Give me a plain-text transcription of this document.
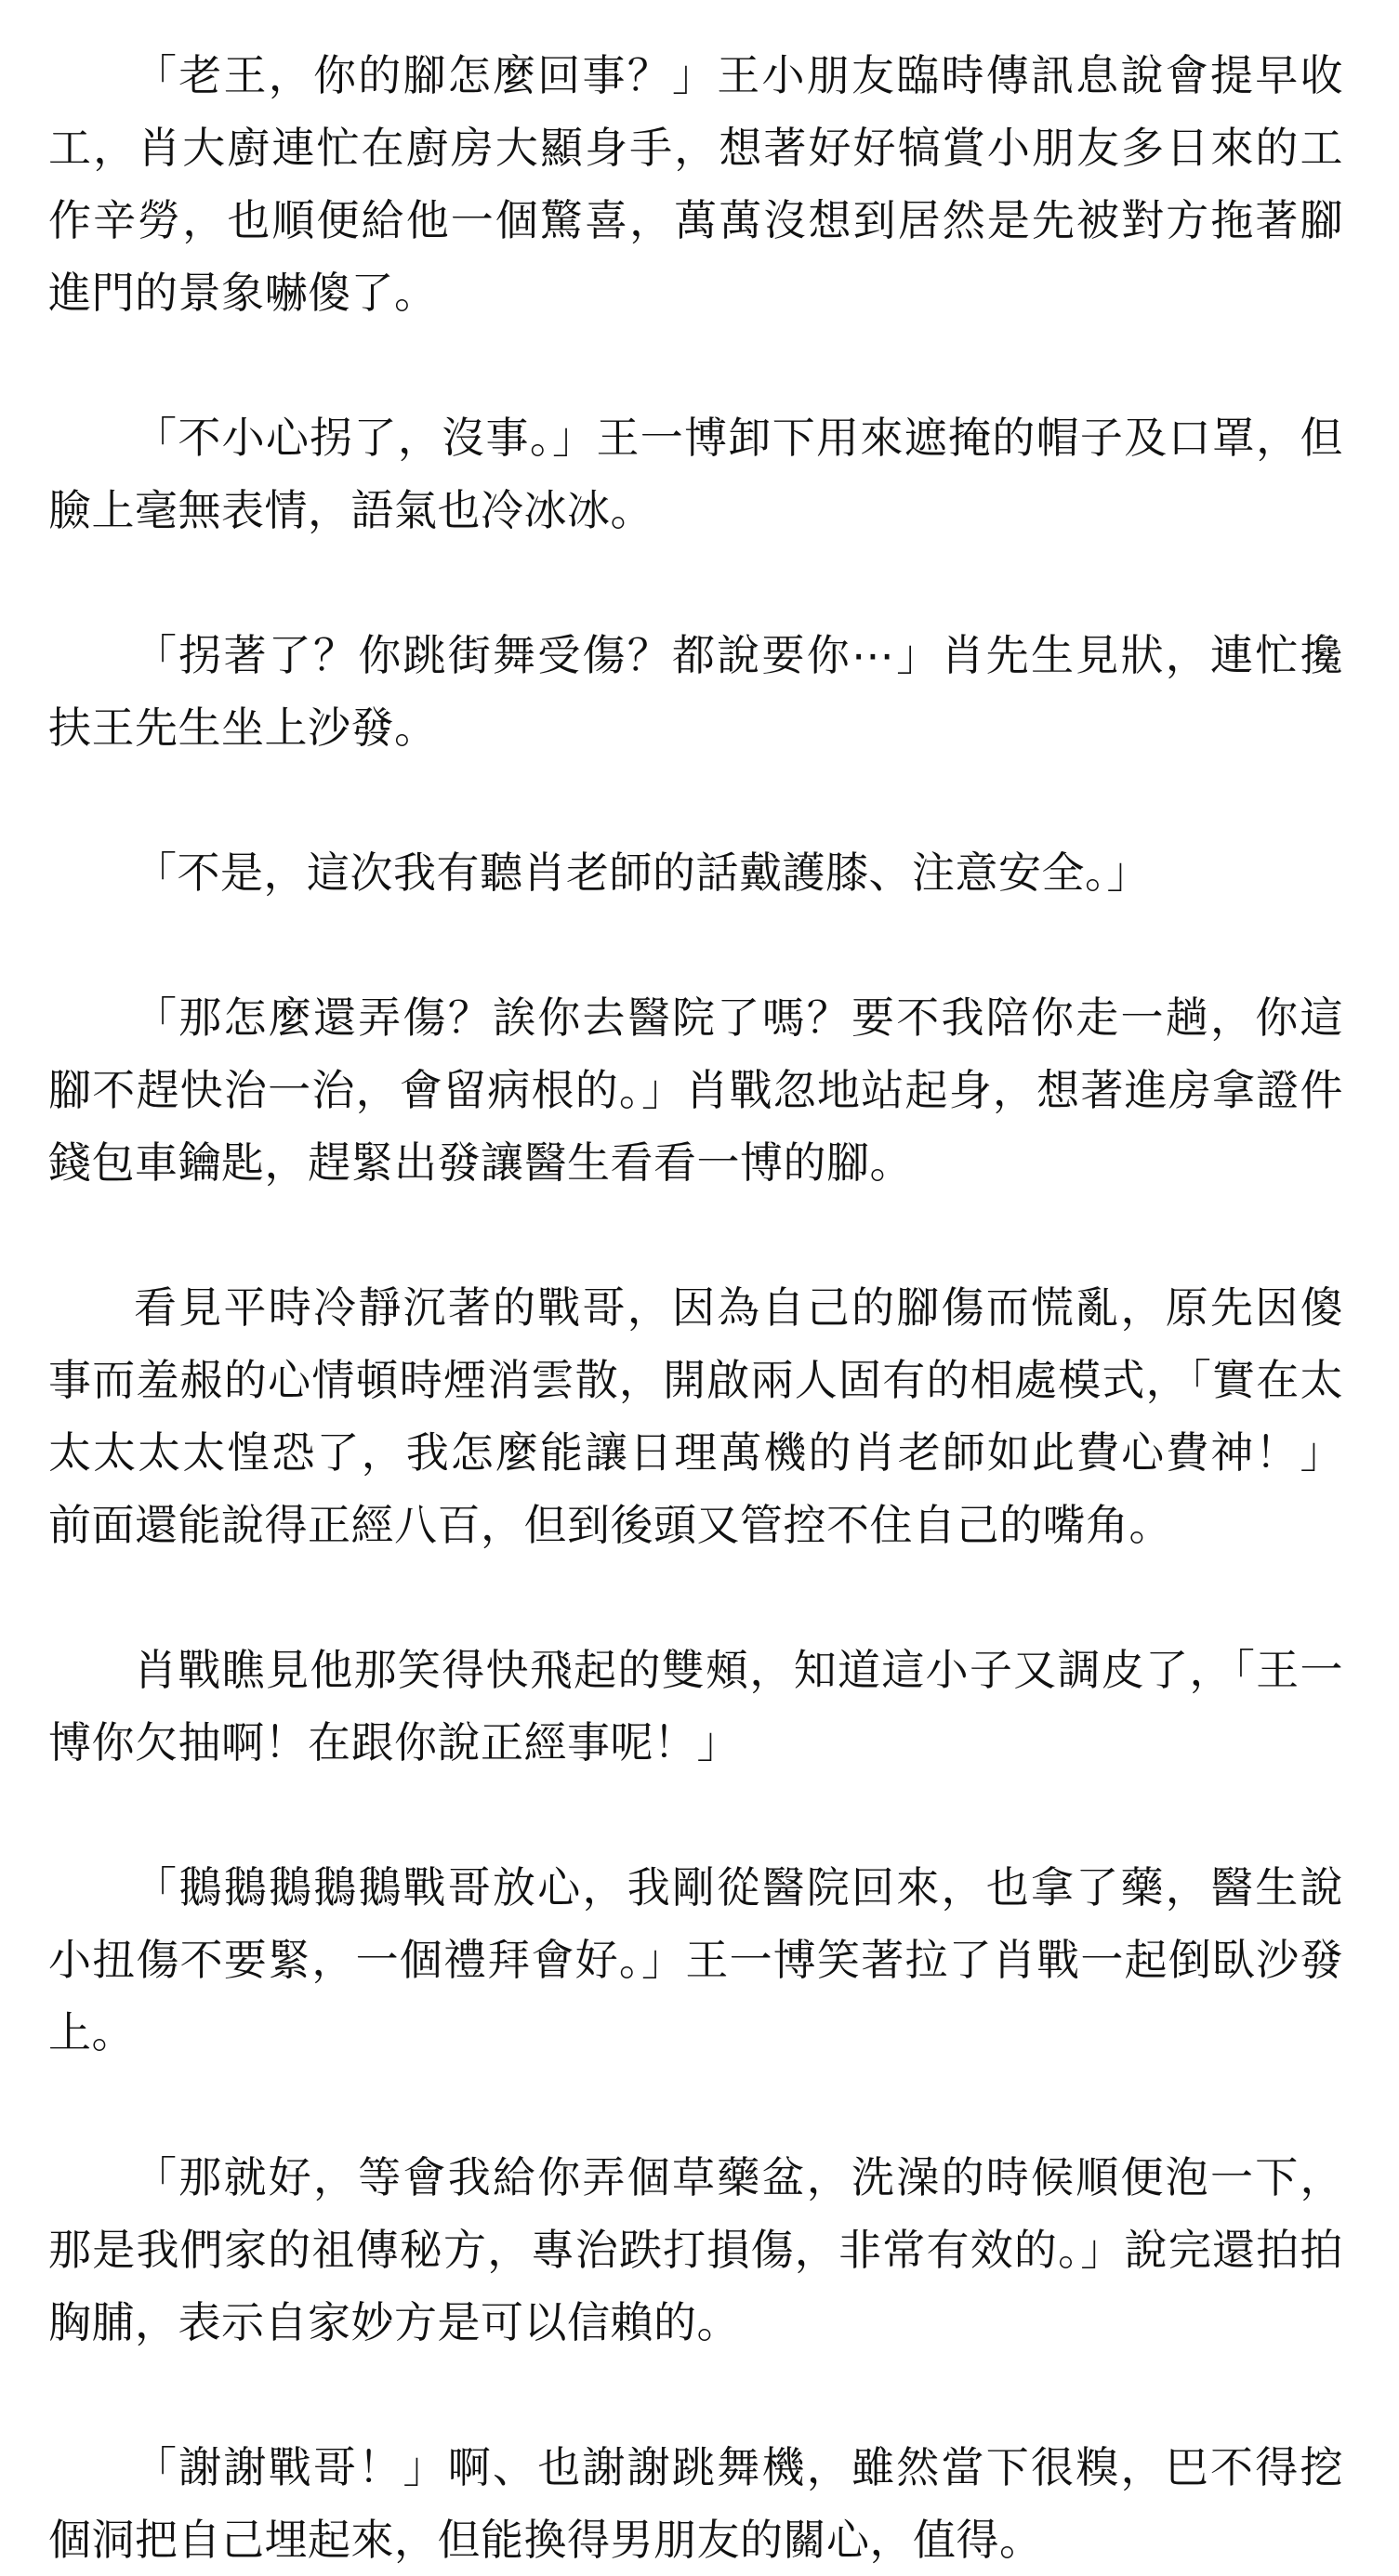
「老王，你的腳怎麼回事？」王小朋友臨時傳訊息說會提早收工，肖大廚連忙在廚房大顯身手，想著好好犒賞小朋友多日來的工作辛勞，也順便給他一個驚喜，萬萬沒想到居然是先被對方拖著腳進門的景象嚇傻了。

「不小心拐了，沒事。」王一博卸下用來遮掩的帽子及口罩，但臉上毫無表情，語氣也冷冰冰。

「拐著了？你跳街舞受傷？都說要你⋯」肖先生見狀，連忙攙扶王先生坐上沙發。

「不是，這次我有聽肖老師的話戴護膝、注意安全。」

「那怎麼還弄傷？誒你去醫院了嗎？要不我陪你走一趟，你這腳不趕快治一治，會留病根的。」肖戰忽地站起身，想著進房拿證件錢包車鑰匙，趕緊出發讓醫生看看一博的腳。

看見平時冷靜沉著的戰哥，因為自己的腳傷而慌亂，原先因傻事而羞赧的心情頓時煙消雲散，開啟兩人固有的相處模式，「實在太太太太太惶恐了，我怎麼能讓日理萬機的肖老師如此費心費神！」前面還能說得正經八百，但到後頭又管控不住自己的嘴角。

肖戰瞧見他那笑得快飛起的雙頰，知道這小子又調皮了，「王一博你欠抽啊！在跟你說正經事呢！」

「鵝鵝鵝鵝鵝戰哥放心，我剛從醫院回來，也拿了藥，醫生說小扭傷不要緊，一個禮拜會好。」王一博笑著拉了肖戰一起倒臥沙發上。

「那就好，等會我給你弄個草藥盆，洗澡的時候順便泡一下，那是我們家的祖傳秘方，專治跌打損傷，非常有效的。」說完還拍拍胸脯，表示自家妙方是可以信賴的。

「謝謝戰哥！」啊、也謝謝跳舞機，雖然當下很糗，巴不得挖個洞把自己埋起來，但能換得男朋友的關心，值得。
